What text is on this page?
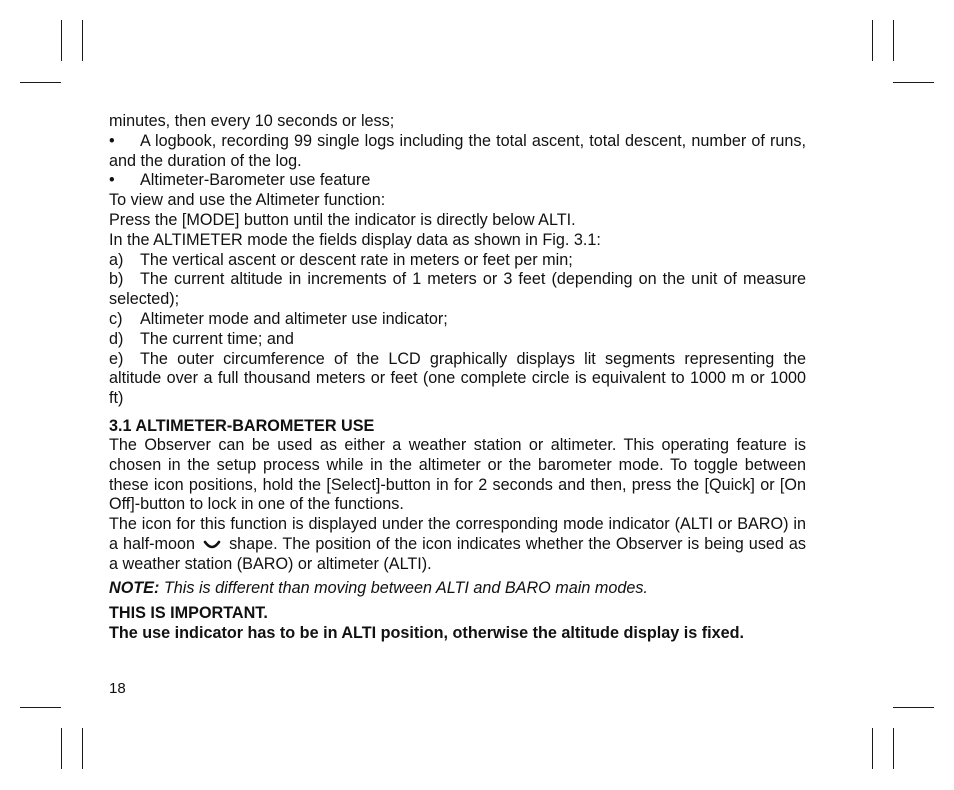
minutes, then every 10 seconds or less;

• A logbook, recording 99 single logs including the total ascent, total descent, number of runs, and the duration of the log.

• Altimeter-Barometer use feature

To view and use the Altimeter function:

Press the [MODE] button until the indicator is directly below ALTI.

In the ALTIMETER mode the fields display data as shown in Fig. 3.1:

a) The vertical ascent or descent rate in meters or feet per min;

b) The current altitude in increments of 1 meters or 3 feet (depending on the unit of measure selected);

c) Altimeter mode and altimeter use indicator;

d) The current time; and

e) The outer circumference of the LCD graphically displays lit segments representing the altitude over a full thousand meters or feet (one complete circle is equivalent to 1000 m or 1000 ft)

3.1 ALTIMETER-BAROMETER USE

The Observer can be used as either a weather station or altimeter. This operating feature is chosen in the setup process while in the altimeter or the barometer mode. To toggle between these icon positions, hold the [Select]-button in for 2 seconds and then, press the [Quick] or [On Off]-button to lock in one of the functions.

The icon for this function is displayed under the corresponding mode indicator (ALTI or BARO) in a half-moon shape. The position of the icon indicates whether the Observer is being used as a weather station (BARO) or altimeter (ALTI).

NOTE: This is different than moving between ALTI and BARO main modes.

THIS IS IMPORTANT.

The use indicator has to be in ALTI position, otherwise the altitude display is fixed.

18
